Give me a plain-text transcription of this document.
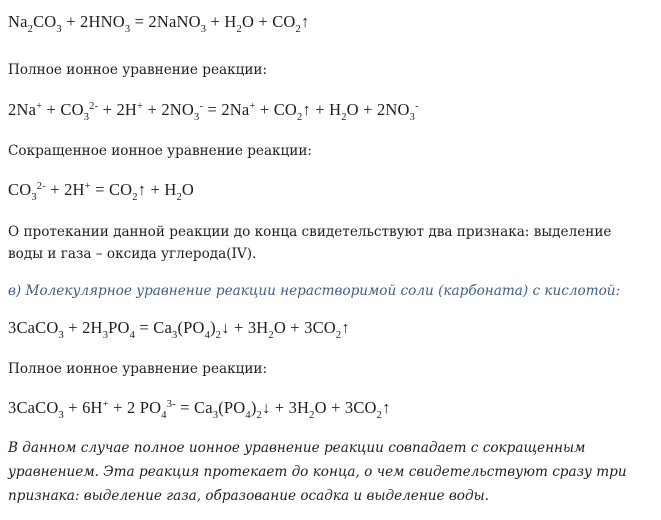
$Na_2CO_3 + 2HNO_3$ = 2NaNO$_3$ + $H_2O$ + $CO_2↑$
Полное ионное уравнение реакции:
$2Na^+ + CO_3^{2-} + 2H^+ + 2NO_3^- = 2Na^+$ + $CO_2↑ + H_2O + 2NO_3^-$
Сокращенное ионное уравнение реакции:
$CO_3^{2-} + 2H^+$ = $CO_2↑ + H_2O$
О протекании данной реакции до конца свидетельствуют два признака: выделение
воды и газа – оксида углерода(IV).
в) Молекулярное уравнение реакции нерастворимой соли (карбоната) с кислотой:
3CaCO$_3$ + $2H_3PO_4$ = $Ca_3(PO_4)_2↓ + 3H_2O$ + $3CO_2↑$
Полное ионное уравнение реакции:
3CaCO$_3$ + 6H+ + 2 $PO_4^{3-}$ = $Ca_3(PO_4)_2↓ + 3H_2O$ + $3CO_2↑$
В данном случае полное ионное уравнение реакции совпадает с сокращенным
уравнением. Эта реакция протекает до конца, о чем свидетельствуют сразу три
признака: выделение газа, образование осадка и выделение воды.
